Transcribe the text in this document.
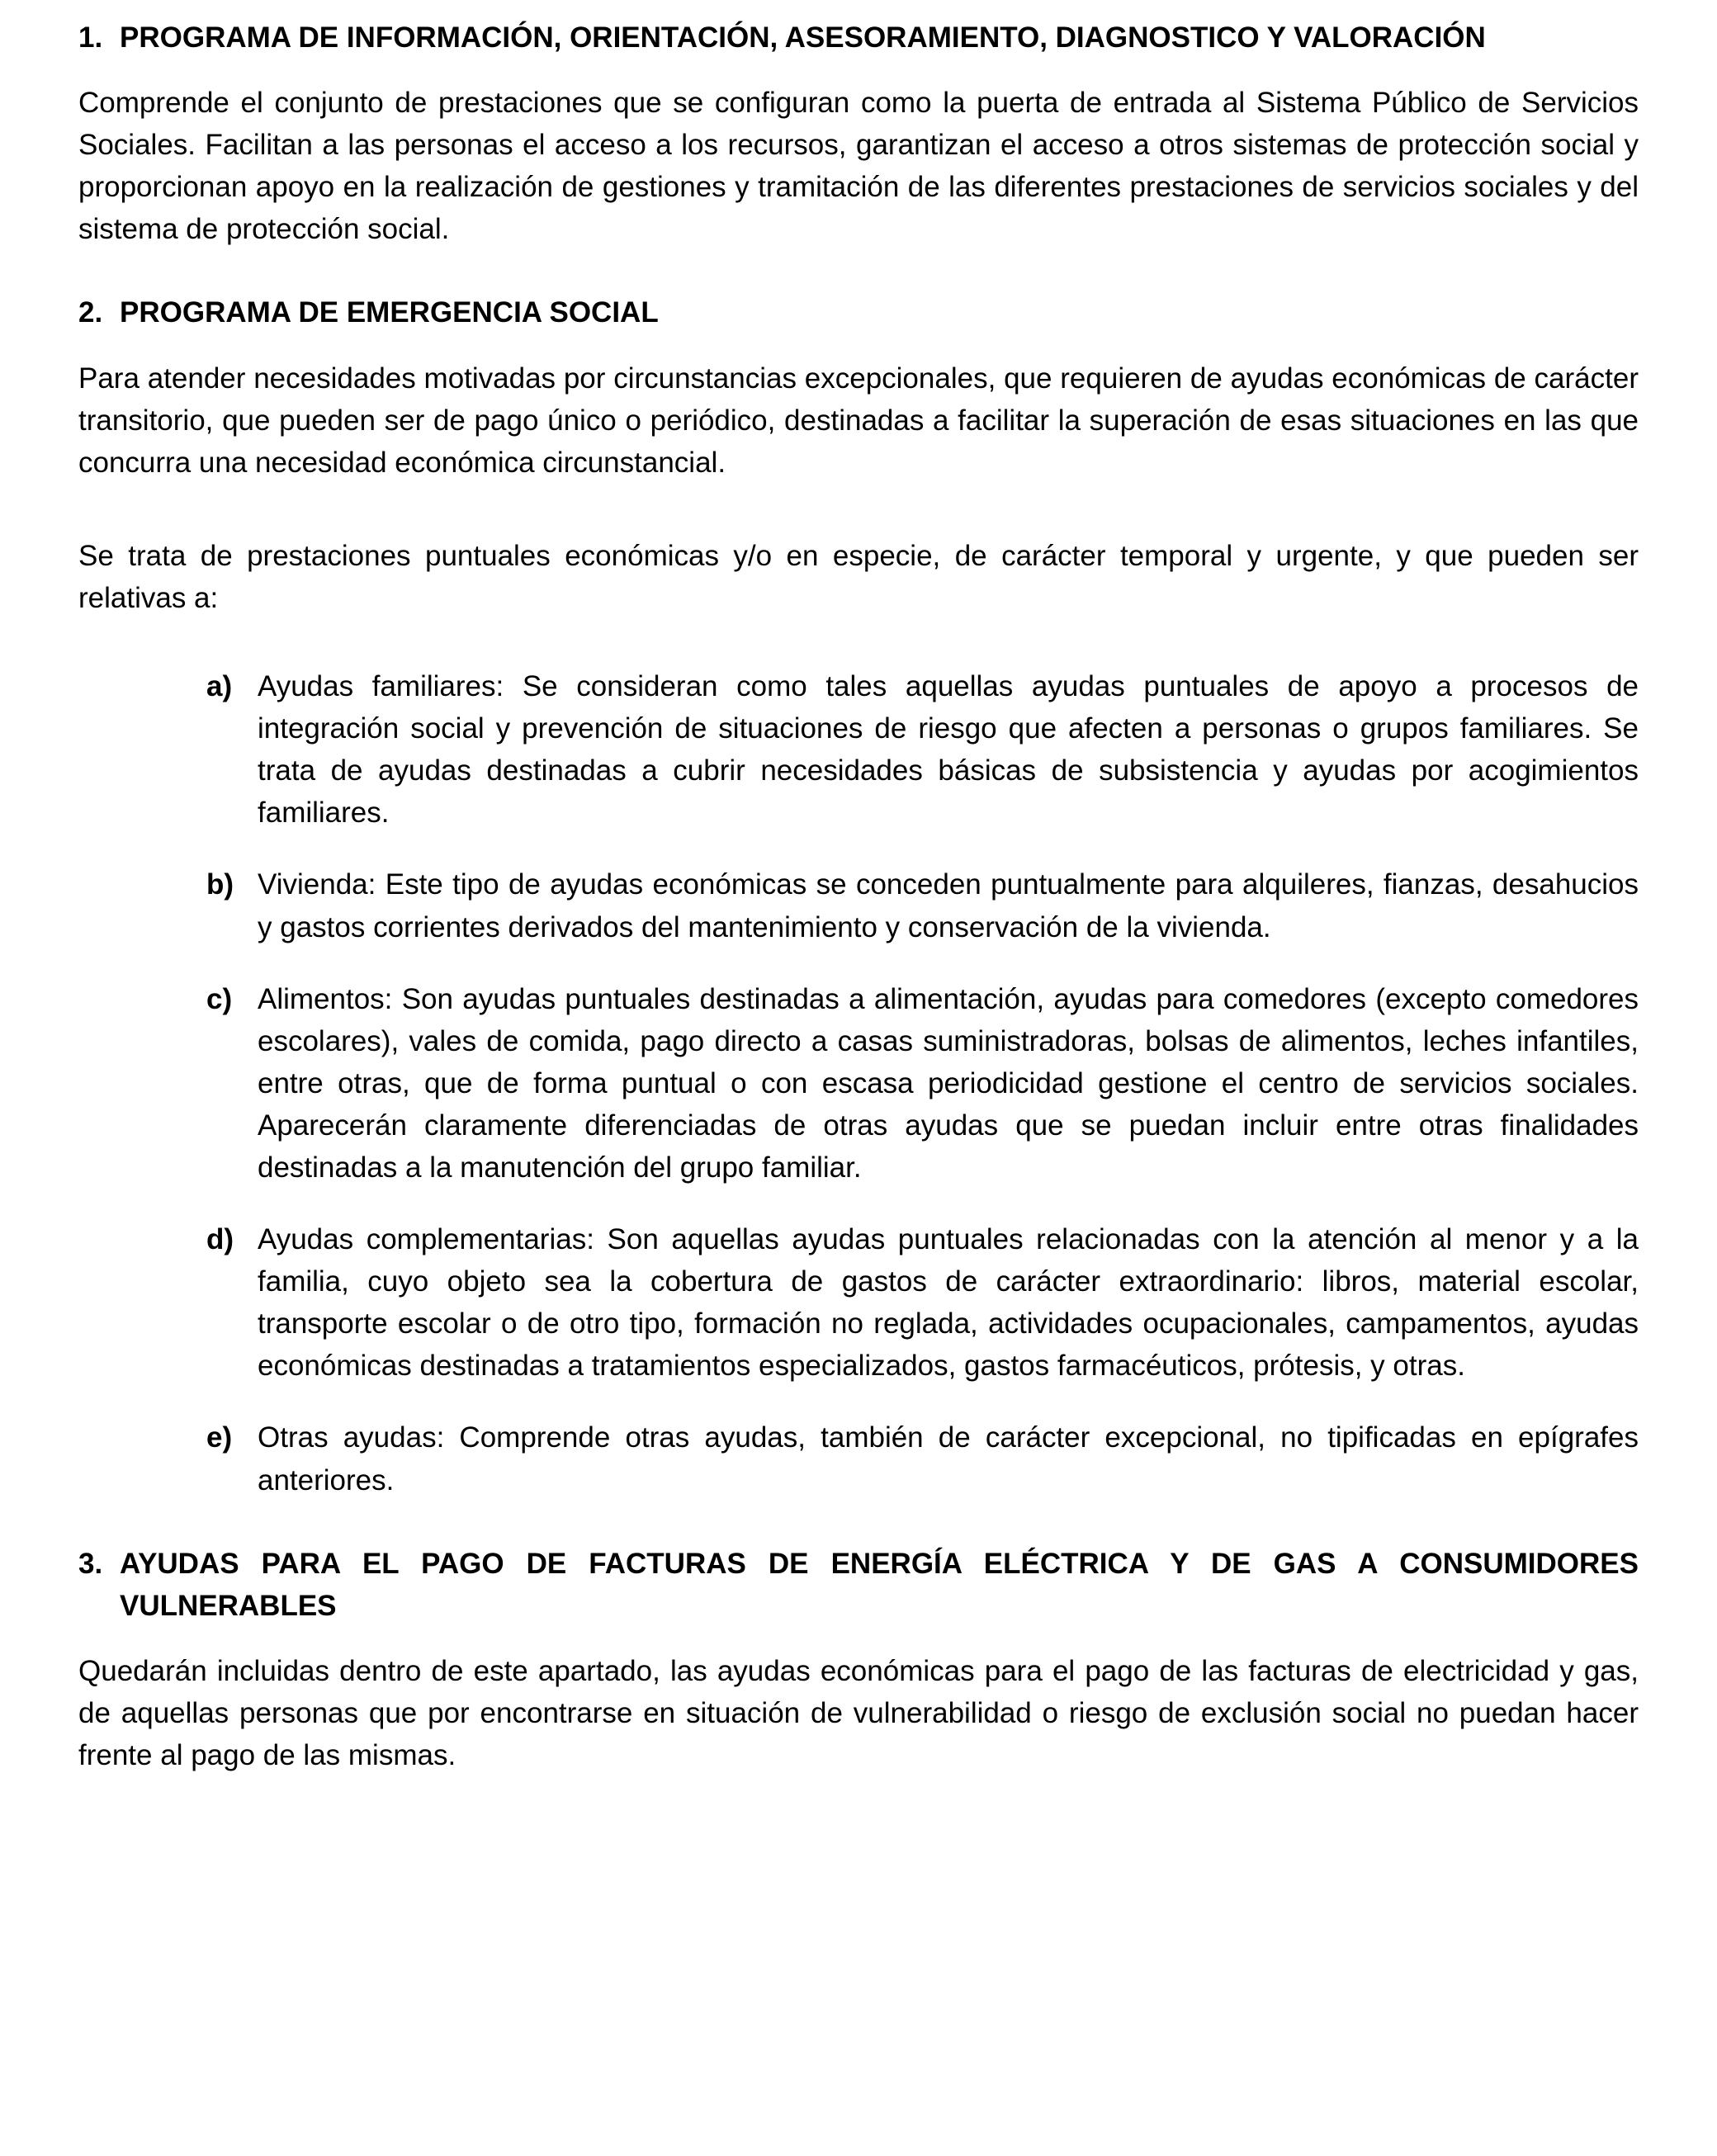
1. PROGRAMA DE INFORMACIÓN, ORIENTACIÓN, ASESORAMIENTO, DIAGNOSTICO Y VALORACIÓN

Comprende el conjunto de prestaciones que se configuran como la puerta de entrada al Sistema Público de Servicios Sociales. Facilitan a las personas el acceso a los recursos, garantizan el acceso a otros sistemas de protección social y proporcionan apoyo en la realización de gestiones y tramitación de las diferentes prestaciones de servicios sociales y del sistema de protección social.

2. PROGRAMA DE EMERGENCIA SOCIAL

Para atender necesidades motivadas por circunstancias excepcionales, que requieren de ayudas económicas de carácter transitorio, que pueden ser de pago único o periódico, destinadas a facilitar la superación de esas situaciones en las que concurra una necesidad económica circunstancial.

Se trata de prestaciones puntuales económicas y/o en especie, de carácter temporal y urgente, y que pueden ser relativas a:

a) Ayudas familiares: Se consideran como tales aquellas ayudas puntuales de apoyo a procesos de integración social y prevención de situaciones de riesgo que afecten a personas o grupos familiares. Se trata de ayudas destinadas a cubrir necesidades básicas de subsistencia y ayudas por acogimientos familiares.
b) Vivienda: Este tipo de ayudas económicas se conceden puntualmente para alquileres, fianzas, desahucios y gastos corrientes derivados del mantenimiento y conservación de la vivienda.
c) Alimentos: Son ayudas puntuales destinadas a alimentación, ayudas para comedores (excepto comedores escolares), vales de comida, pago directo a casas suministradoras, bolsas de alimentos, leches infantiles, entre otras, que de forma puntual o con escasa periodicidad gestione el centro de servicios sociales. Aparecerán claramente diferenciadas de otras ayudas que se puedan incluir entre otras finalidades destinadas a la manutención del grupo familiar.
d) Ayudas complementarias: Son aquellas ayudas puntuales relacionadas con la atención al menor y a la familia, cuyo objeto sea la cobertura de gastos de carácter extraordinario: libros, material escolar, transporte escolar o de otro tipo, formación no reglada, actividades ocupacionales, campamentos, ayudas económicas destinadas a tratamientos especializados, gastos farmacéuticos, prótesis, y otras.
e) Otras ayudas: Comprende otras ayudas, también de carácter excepcional, no tipificadas en epígrafes anteriores.
3. AYUDAS PARA EL PAGO DE FACTURAS DE ENERGÍA ELÉCTRICA Y DE GAS A CONSUMIDORES VULNERABLES

Quedarán incluidas dentro de este apartado, las ayudas económicas para el pago de las facturas de electricidad y gas, de aquellas personas que por encontrarse en situación de vulnerabilidad o riesgo de exclusión social no puedan hacer frente al pago de las mismas.
